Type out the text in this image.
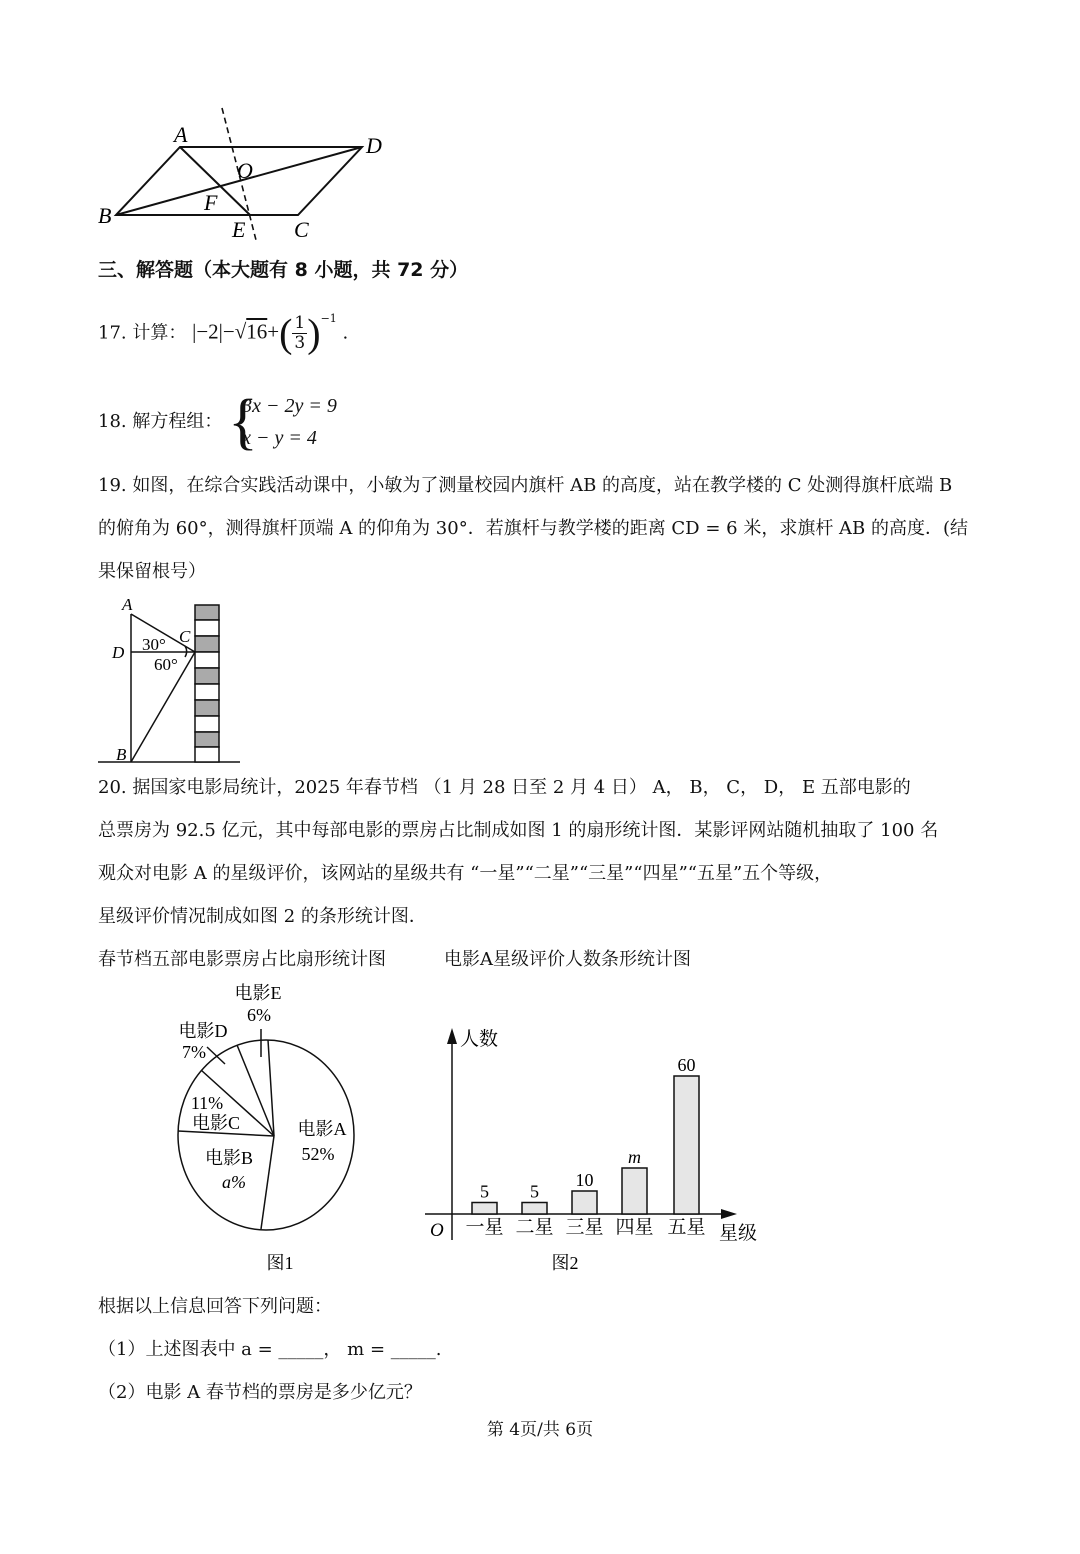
A	D
O
B
F
E C
A
D
C
B
30°
60°
电影E
6%
电影D
7%
11%
电影C	电影A
52%
电影B
a%
图1
人数
星级
O
图2
5
一星
5
二星
10
三星
m
四星
60
五星
三、解答题（本大题有 8 小题，共 72 分）
17. 计算： $|-2|-√16+( \frac{1}{3} )^{-1}$ .
18. 解方程组： {
3x − 2y = 9
x − y = 4
19. 如图，在综合实践活动课中，小敏为了测量校园内旗杆 AB 的高度，站在教学楼的 C 处测得旗杆底端 B
的俯角为 60°，测得旗杆顶端 A 的仰角为 30°．若旗杆与教学楼的距离 CD = 6 米，求旗杆 AB 的高度．(结
果保留根号）
20. 据国家电影局统计，2025 年春节档 （1 月 28 日至 2 月 4 日） A， B， C， D， E 五部电影的
总票房为 92.5 亿元，其中每部电影的票房占比制成如图 1 的扇形统计图．某影评网站随机抽取了 100 名
观众对电影 A 的星级评价，该网站的星级共有 “一星”“二星”“三星”“四星”“五星”五个等级，
星级评价情况制成如图 2 的条形统计图．
春节档五部电影票房占比扇形统计图	电影A星级评价人数条形统计图
根据以上信息回答下列问题：
（1）上述图表中 a = _____， m = _____.
（2）电影 A 春节档的票房是多少亿元？
第 4页/共 6页
